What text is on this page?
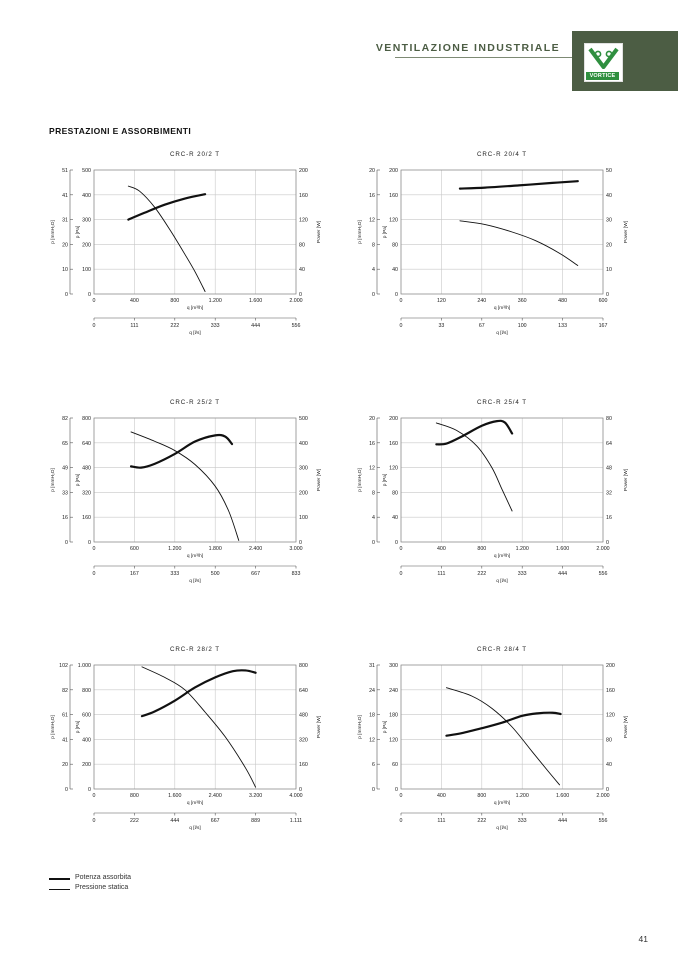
VENTILAZIONE INDUSTRIALE
VORTICE
PRESTAZIONI E ASSORBIMENTI
CRC-R 20/2 T
0
10
20
31
41
51
p [mmH₂O]
0
100
200
300
400
500
p [Pa]
0
40
80
120
160
200
Power [W]
0	400	800	1.200	1.600	2.000
q [m³/h]
0	111	222	333	444	556
q [l/s]
CRC-R 20/4 T
0
4
8
12
16
20
p [mmH₂O]
0
40
80
120
160
200
p [Pa]
0
10
20
30
40
50
Power [W]
0	120	240	360	480	600
q [m³/h]
0	33	67	100	133	167
q [l/s]
CRC-R 25/2 T
0
16
33
49
65
82
p [mmH₂O]
0
160
320
480
640
800
p [Pa]
0
100
200
300
400
500
Power [W]
0	600	1.200	1.800	2.400	3.000
q [m³/h]
0	167	333	500	667	833
q [l/s]
CRC-R 25/4 T
0
4
8
12
16
20
p [mmH₂O]
0
40
80
120
160
200
p [Pa]
0
16
32
48
64
80
Power [W]
0	400	800	1.200	1.600	2.000
q [m³/h]
0	111	222	333	444	556
q [l/s]
CRC-R 28/2 T
0
20
41
61
82
102
p [mmH₂O]
0
200
400
600
800
1.000
p [Pa]
0
160
320
480
640
800
Power [W]
0	800	1.600	2.400	3.200	4.000
q [m³/h]
0	222	444	667	889	1.111
q [l/s]
CRC-R 28/4 T
0
6
12
18
24
31
p [mmH₂O]
0
60
120
180
240
300
p [Pa]
0
40
80
120
160
200
Power [W]
0	400	800	1.200	1.600	2.000
q [m³/h]
0	111	222	333	444	556
q [l/s]
Potenza assorbita
Pressione statica
41
